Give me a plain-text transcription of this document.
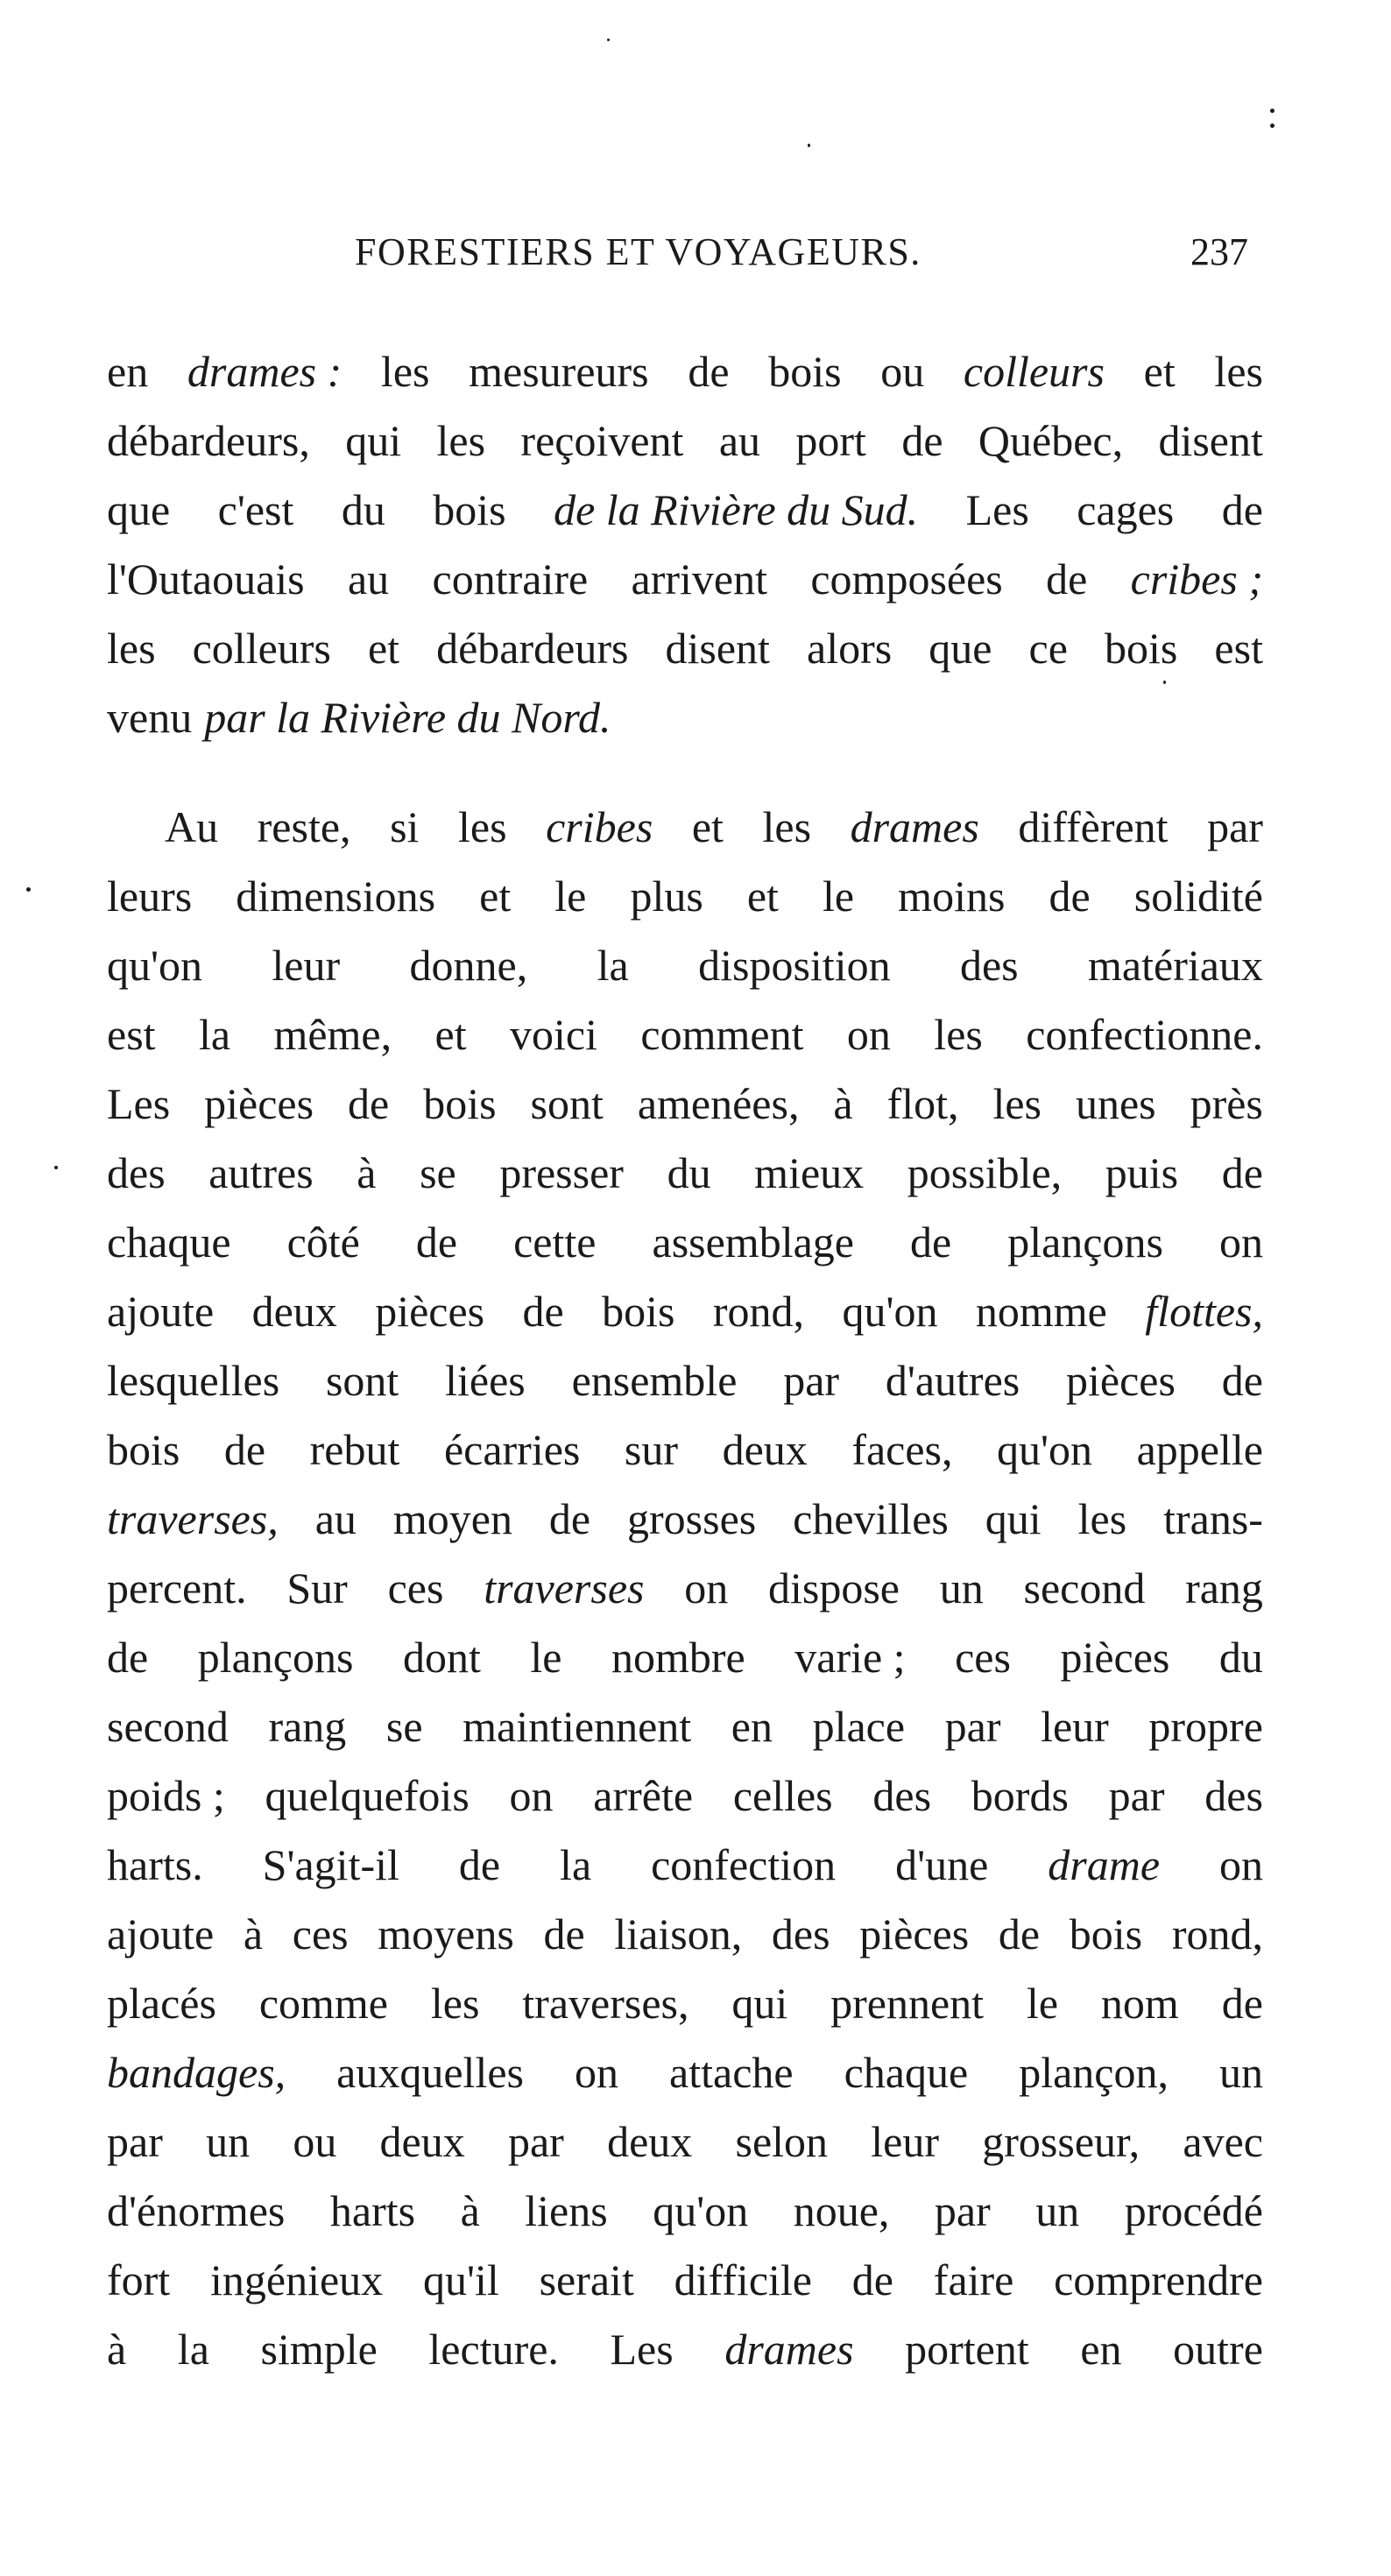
FORESTIERS ET VOYAGEURS.	237
en drames : les mesureurs de bois ou colleurs et les
débardeurs, qui les reçoivent au port de Québec, disent
que c'est du bois de la Rivière du Sud. Les cages de
l'Outaouais au contraire arrivent composées de cribes ;
les colleurs et débardeurs disent alors que ce bois est
venu par la Rivière du Nord.
Au reste, si les cribes et les drames diffèrent par
leurs dimensions et le plus et le moins de solidité
qu'on leur donne, la disposition des matériaux
est la même, et voici comment on les confectionne.
Les pièces de bois sont amenées, à flot, les unes près
des autres à se presser du mieux possible, puis de
chaque côté de cette assemblage de plançons on
ajoute deux pièces de bois rond, qu'on nomme flottes,
lesquelles sont liées ensemble par d'autres pièces de
bois de rebut écarries sur deux faces, qu'on appelle
traverses, au moyen de grosses chevilles qui les trans-
percent. Sur ces traverses on dispose un second rang
de plançons dont le nombre varie ; ces pièces du
second rang se maintiennent en place par leur propre
poids ; quelquefois on arrête celles des bords par des
harts. S'agit-il de la confection d'une drame on
ajoute à ces moyens de liaison, des pièces de bois rond,
placés comme les traverses, qui prennent le nom de
bandages, auxquelles on attache chaque plançon, un
par un ou deux par deux selon leur grosseur, avec
d'énormes harts à liens qu'on noue, par un procédé
fort ingénieux qu'il serait difficile de faire comprendre
à la simple lecture. Les drames portent en outre
